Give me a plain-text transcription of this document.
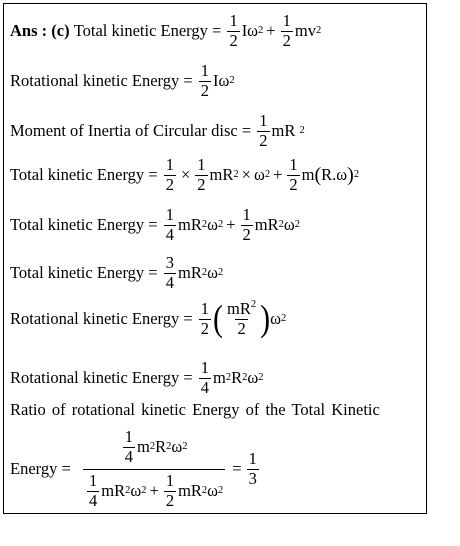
Ans : (c)
Total kinetic Energy =
$\frac{1}{2}$ Iω $2 + \frac{1}{2}$ mv 2
Rotational kinetic Energy =
$\frac{1}{2}$ Iω 2
Moment of Inertia of Circular disc =
$\frac{1}{2}$ mR
2
Total kinetic Energy =
$\frac{1}{2} \times \frac{1}{2}$ mR 2 × ω $2 + \frac{1}{2}$ m ( R.ω ) 2
Total kinetic Energy =
$\frac{1}{4}$ mR 2 ω $2 + \frac{1}{2}$ mR 2 ω 2
Total kinetic Energy =
$\frac{3}{4}$ mR 2 ω 2
Rotational kinetic Energy =
$\frac{1}{2}$ ( $\frac{mR^2}{2}$ ) ω 2
Rotational kinetic Energy =
$\frac{1}{4}$ m 2 R 2 ω 2
Ratio of rotational kinetic Energy of the Total Kinetic
Energy =
$\frac{\frac{1}{4} m 2 R 2 \omega 2}{\frac{1}{4} mR 2 \omega 2 + \frac{1}{2} mR 2 \omega 2} = \frac{1}{3}$
